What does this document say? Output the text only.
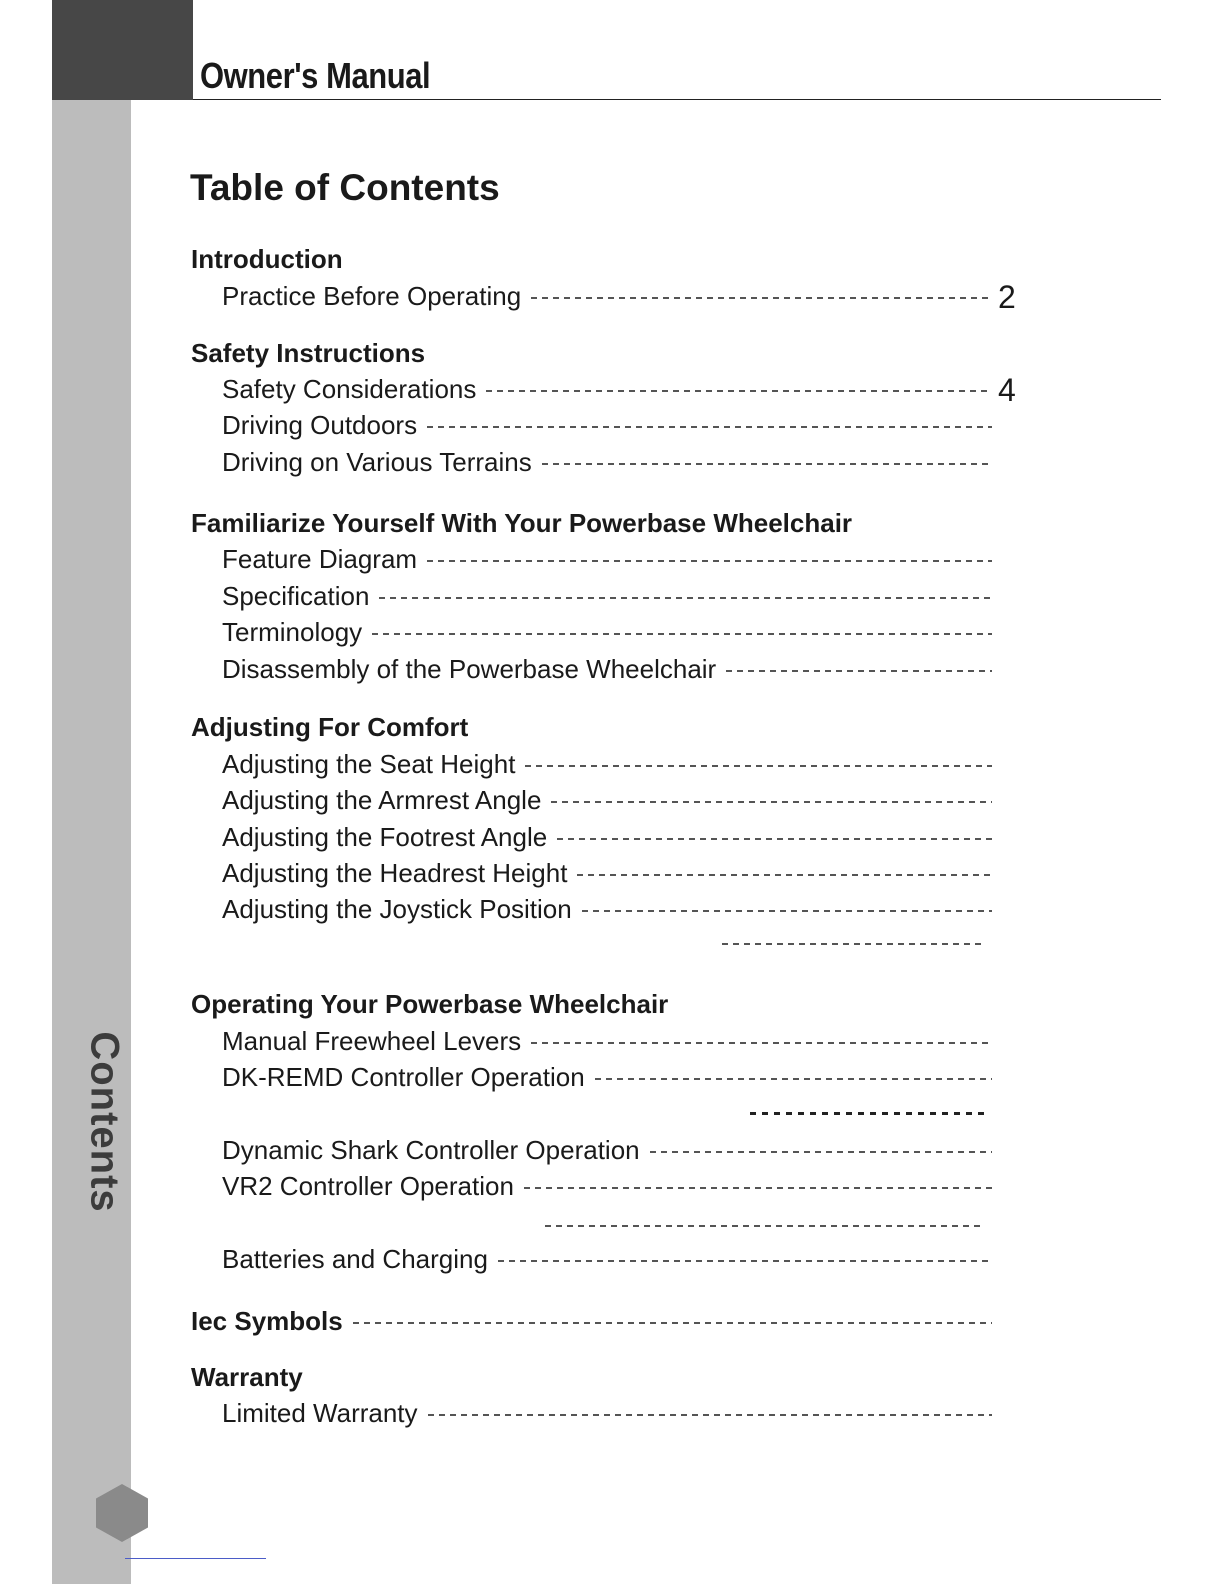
Owner's Manual
Table of Contents
Introduction
Practice Before Operating	2
Safety Instructions
Safety Considerations	4
Driving Outdoors
Driving on Various Terrains
Familiarize Yourself With Your Powerbase Wheelchair
Feature Diagram
Specification
Terminology
Disassembly of the Powerbase Wheelchair
Adjusting For Comfort
Adjusting the Seat Height
Adjusting the Armrest Angle
Adjusting the Footrest Angle
Adjusting the Headrest Height
Adjusting the Joystick Position
Operating Your Powerbase Wheelchair
Manual Freewheel Levers
DK-REMD Controller Operation
Dynamic Shark Controller Operation
VR2 Controller Operation
Batteries and Charging
Iec Symbols
Warranty
Limited Warranty
Contents
